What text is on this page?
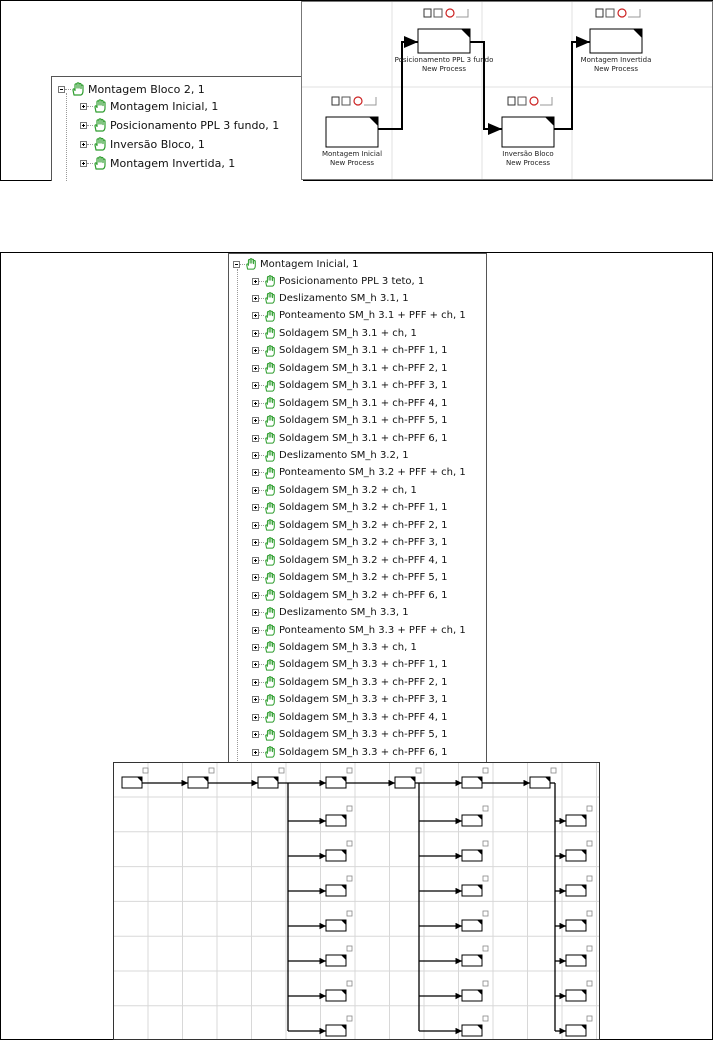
Montagem Bloco 2, 1
Montagem Inicial, 1
Posicionamento PPL 3 fundo, 1
Inversão Bloco, 1
Montagem Invertida, 1
Montagem Inicial
New Process
Posicionamento PPL 3 fundo
New Process
Inversão Bloco
New Process
Montagem Invertida
New Process
Montagem Inicial, 1
Posicionamento PPL 3 teto, 1
Deslizamento SM_h 3.1, 1
Ponteamento SM_h 3.1 + PFF + ch, 1
Soldagem SM_h 3.1 + ch, 1
Soldagem SM_h 3.1 + ch-PFF 1, 1
Soldagem SM_h 3.1 + ch-PFF 2, 1
Soldagem SM_h 3.1 + ch-PFF 3, 1
Soldagem SM_h 3.1 + ch-PFF 4, 1
Soldagem SM_h 3.1 + ch-PFF 5, 1
Soldagem SM_h 3.1 + ch-PFF 6, 1
Deslizamento SM_h 3.2, 1
Ponteamento SM_h 3.2 + PFF + ch, 1
Soldagem SM_h 3.2 + ch, 1
Soldagem SM_h 3.2 + ch-PFF 1, 1
Soldagem SM_h 3.2 + ch-PFF 2, 1
Soldagem SM_h 3.2 + ch-PFF 3, 1
Soldagem SM_h 3.2 + ch-PFF 4, 1
Soldagem SM_h 3.2 + ch-PFF 5, 1
Soldagem SM_h 3.2 + ch-PFF 6, 1
Deslizamento SM_h 3.3, 1
Ponteamento SM_h 3.3 + PFF + ch, 1
Soldagem SM_h 3.3 + ch, 1
Soldagem SM_h 3.3 + ch-PFF 1, 1
Soldagem SM_h 3.3 + ch-PFF 2, 1
Soldagem SM_h 3.3 + ch-PFF 3, 1
Soldagem SM_h 3.3 + ch-PFF 4, 1
Soldagem SM_h 3.3 + ch-PFF 5, 1
Soldagem SM_h 3.3 + ch-PFF 6, 1
